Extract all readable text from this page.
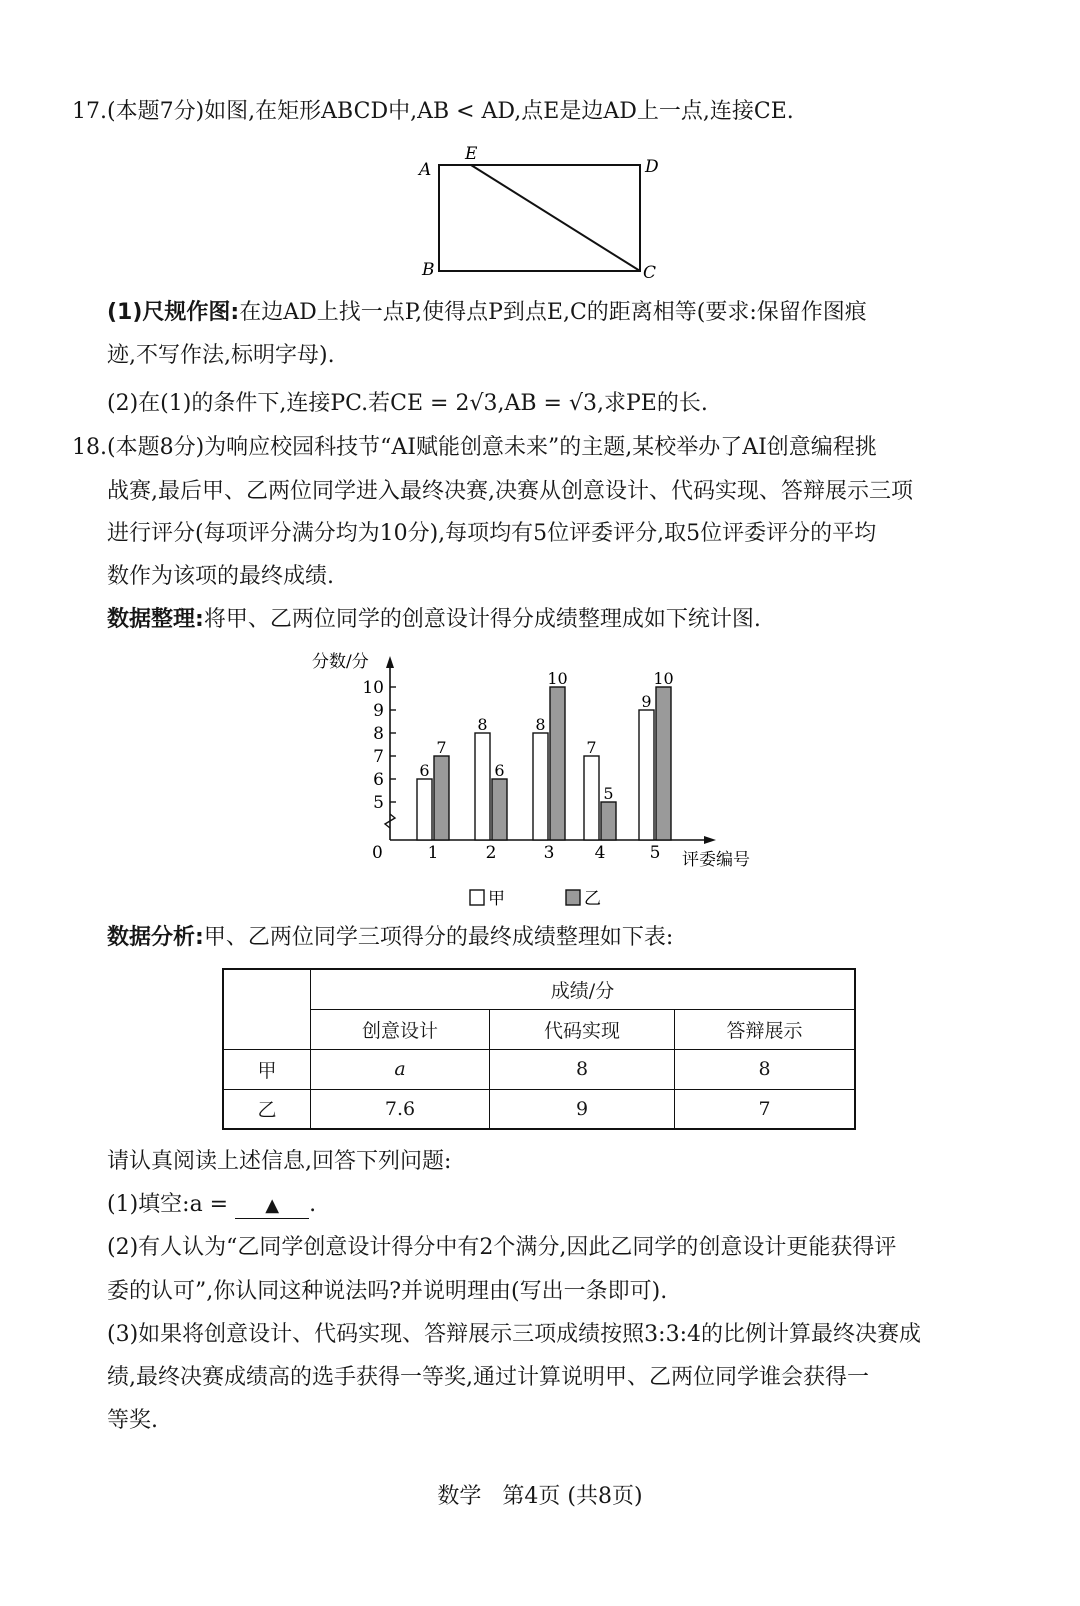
17.(本题7分)如图,在矩形ABCD中,AB < AD,点E是边AD上一点,连接CE.
A
E
D
B	C
(1)尺规作图:在边AD上找一点P,使得点P到点E,C的距离相等(要求:保留作图痕
迹,不写作法,标明字母).
(2)在(1)的条件下,连接PC.若CE = 2√3,AB = √3,求PE的长.
18.(本题8分)为响应校园科技节“AI赋能创意未来”的主题,某校举办了AI创意编程挑
战赛,最后甲、乙两位同学进入最终决赛,决赛从创意设计、代码实现、答辩展示三项
进行评分(每项评分满分均为10分),每项均有5位评委评分,取5位评委评分的平均
数作为该项的最终成绩.
数据整理:将甲、乙两位同学的创意设计得分成绩整理成如下统计图.
5
6
7
8
9
10
分数/分
评委编号
0	1
6
7
2
8
6
3
8
10
4
7
5
5
9
10
甲	乙
数据分析:甲、乙两位同学三项得分的最终成绩整理如下表:
	成绩/分		
	创意设计	代码实现	答辩展示
甲	a	8	8
乙	7.6	9	7
请认真阅读上述信息,回答下列问题:
(1)填空:a = ▲ .
(2)有人认为“乙同学创意设计得分中有2个满分,因此乙同学的创意设计更能获得评
委的认可”,你认同这种说法吗?并说明理由(写出一条即可).
(3)如果将创意设计、代码实现、答辩展示三项成绩按照3:3:4的比例计算最终决赛成
绩,最终决赛成绩高的选手获得一等奖,通过计算说明甲、乙两位同学谁会获得一
等奖.
数学   第4页 (共8页)
